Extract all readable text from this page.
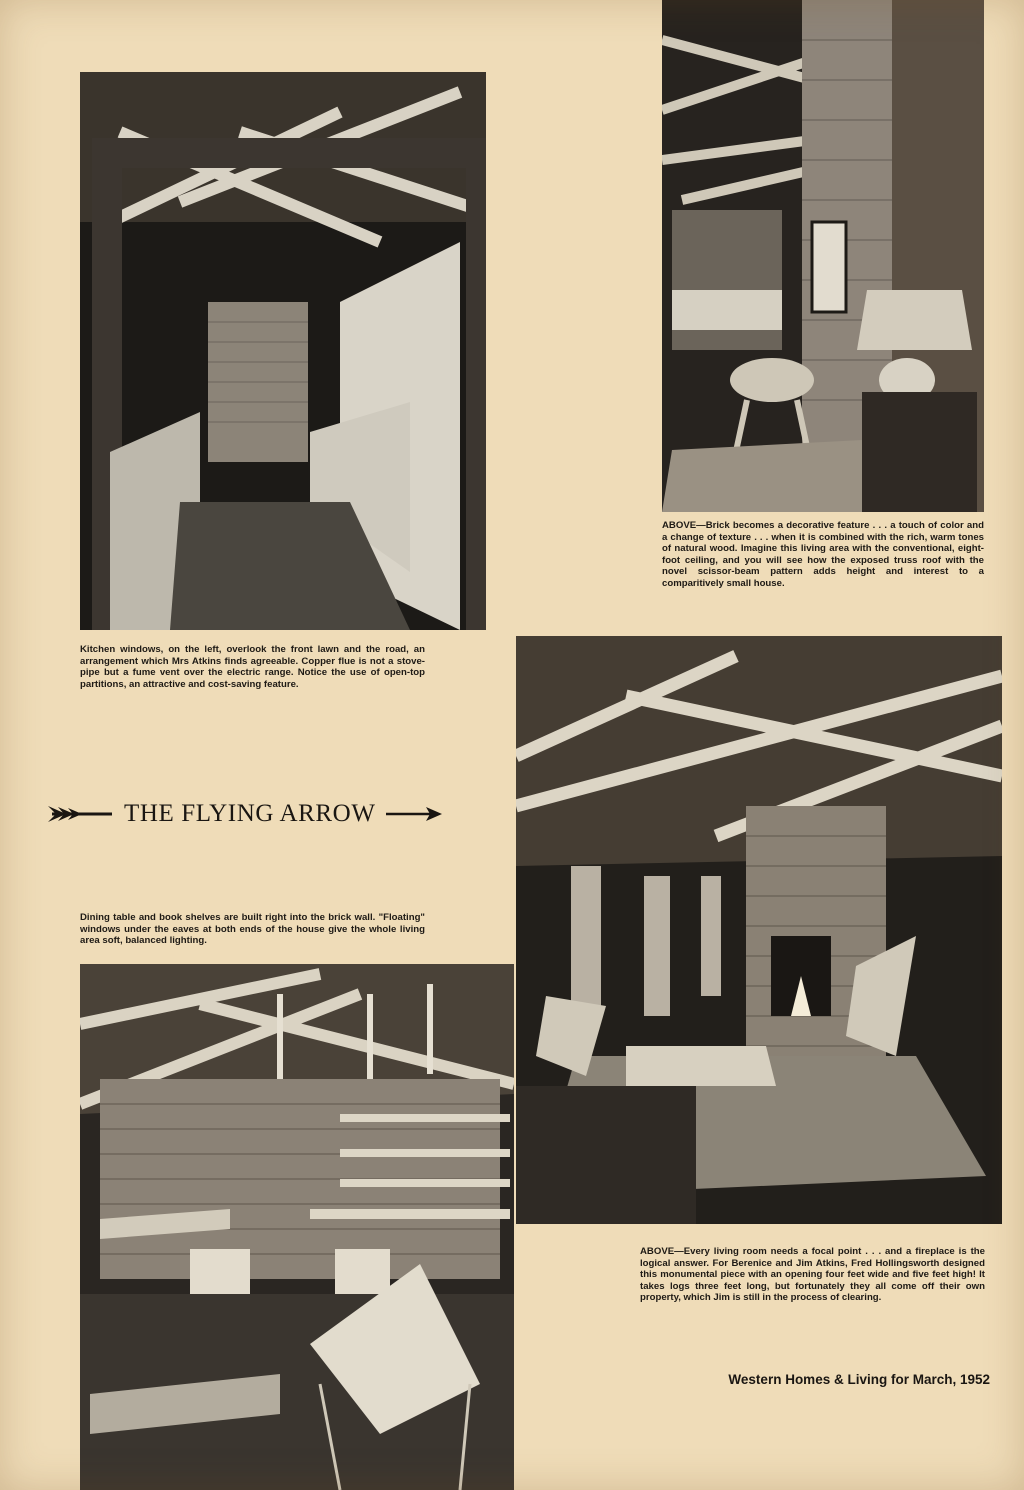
ABOVE—Brick becomes a decorative feature . . . a touch of color and a change of texture . . . when it is combined with the rich, warm tones of natural wood. Imagine this living area with the conventional, eight-foot ceiling, and you will see how the exposed truss roof with the novel scissor-beam pattern adds height and interest to a comparitively small house.

Kitchen windows, on the left, overlook the front lawn and the road, an arrangement which Mrs Atkins finds agreeable. Copper flue is not a stove-pipe but a fume vent over the electric range. Notice the use of open-top partitions, an attractive and cost-saving feature.

THE FLYING ARROW

Dining table and book shelves are built right into the brick wall. "Floating" windows under the eaves at both ends of the house give the whole living area soft, balanced lighting.

ABOVE—Every living room needs a focal point . . . and a fireplace is the logical answer. For Berenice and Jim Atkins, Fred Hollingsworth designed this monumental piece with an opening four feet wide and five feet high! It takes logs three feet long, but fortunately they all come off their own property, which Jim is still in the process of clearing.

Western Homes & Living for March, 1952
